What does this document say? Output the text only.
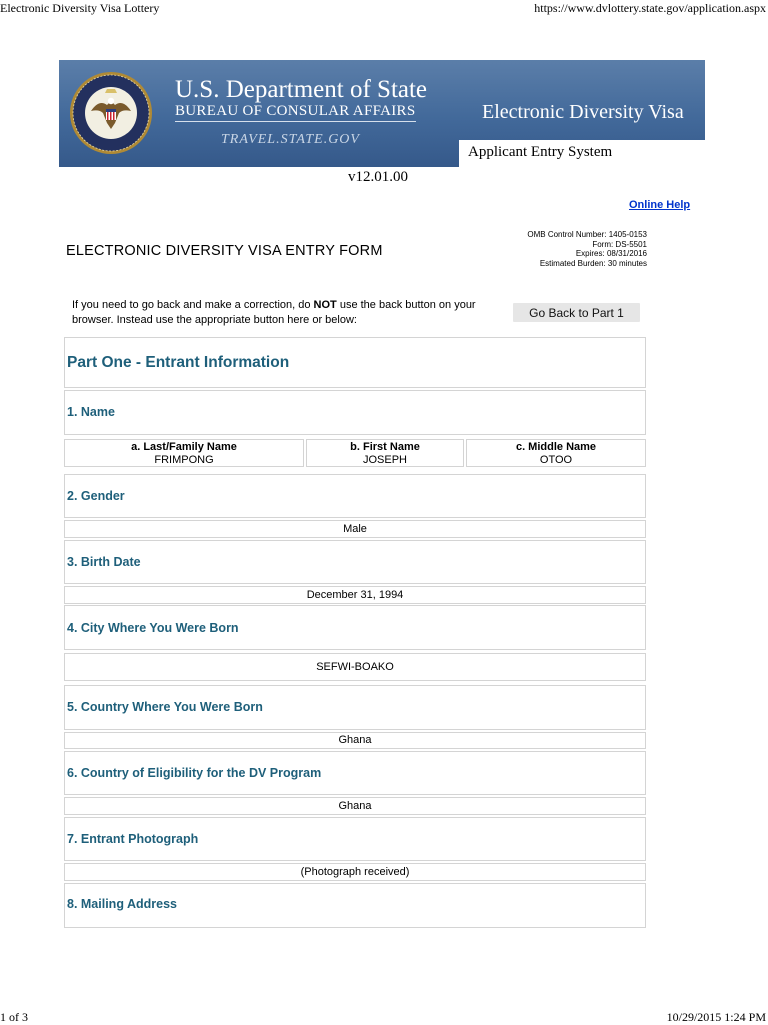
Electronic Diversity Visa Lottery	https://www.dvlottery.state.gov/application.aspx
U.S. Department of State
BUREAU OF CONSULAR AFFAIRS
TRAVEL.STATE.GOV
Electronic Diversity Visa
Applicant Entry System
v12.01.00
Online Help
ELECTRONIC DIVERSITY VISA ENTRY FORM
OMB Control Number: 1405-0153
Form: DS-5501
Expires: 08/31/2016
Estimated Burden: 30 minutes
If you need to go back and make a correction, do NOT use the back button on your browser. Instead use the appropriate button here or below:	Go Back to Part 1
Part One - Entrant Information
1. Name
a. Last/Family Name
FRIMPONG
b. First Name
JOSEPH
c. Middle Name
OTOO
2. Gender
Male
3. Birth Date
December 31, 1994
4. City Where You Were Born
SEFWI-BOAKO
5. Country Where You Were Born
Ghana
6. Country of Eligibility for the DV Program
Ghana
7. Entrant Photograph
(Photograph received)
8. Mailing Address
1 of 3	10/29/2015 1:24 PM
